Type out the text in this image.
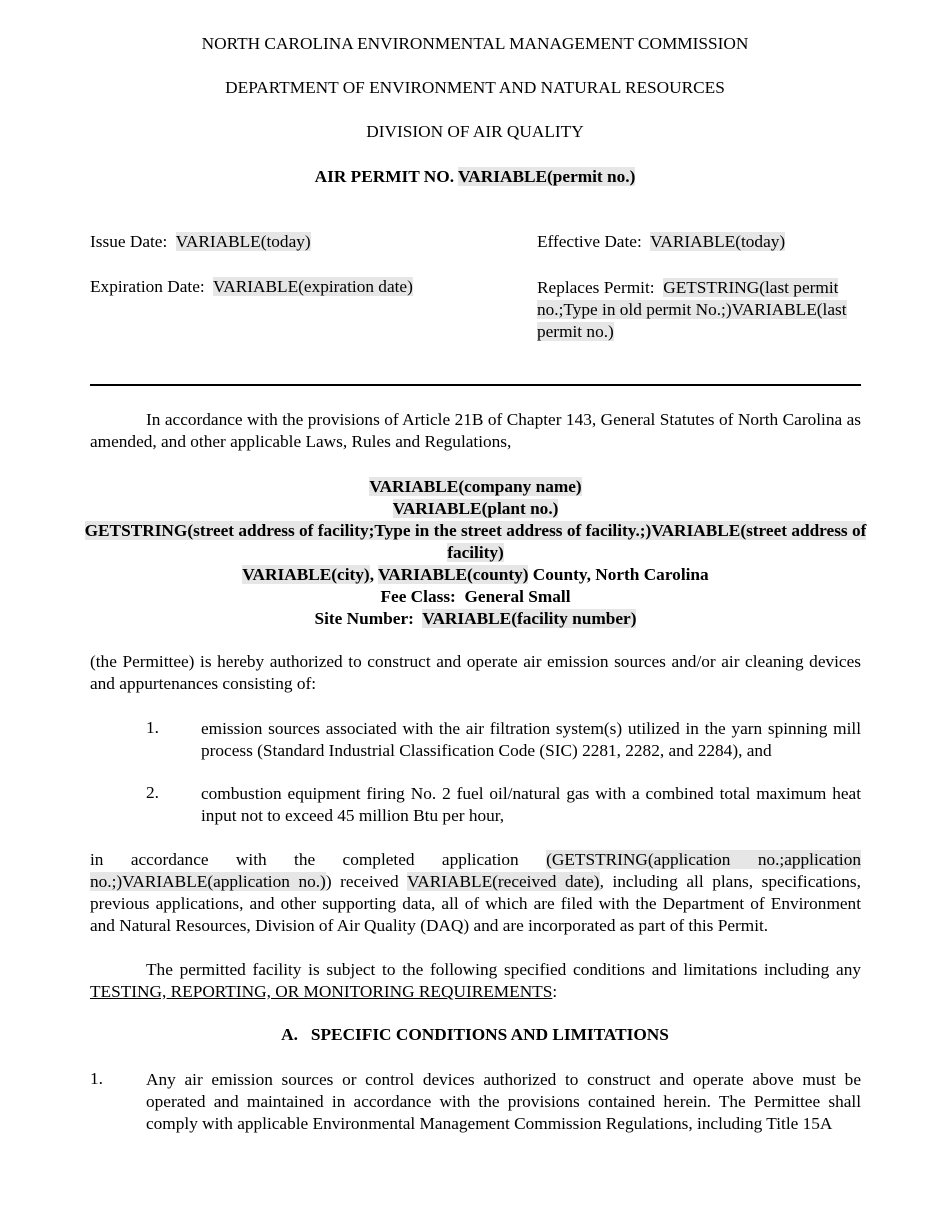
NORTH CAROLINA ENVIRONMENTAL MANAGEMENT COMMISSION
DEPARTMENT OF ENVIRONMENT AND NATURAL RESOURCES
DIVISION OF AIR QUALITY
AIR PERMIT NO. VARIABLE(permit no.)
Issue Date:  VARIABLE(today)	Effective Date:  VARIABLE(today)
Expiration Date:  VARIABLE(expiration date)	Replaces Permit:  GETSTRING(last permit no.;Type in old permit No.;)VARIABLE(last permit no.)
In accordance with the provisions of Article 21B of Chapter 143, General Statutes of North Carolina as amended, and other applicable Laws, Rules and Regulations,
VARIABLE(company name)
VARIABLE(plant no.)
GETSTRING(street address of facility;Type in the street address of facility.;)VARIABLE(street address of facility)
VARIABLE(city), VARIABLE(county) County, North Carolina
Fee Class:  General Small
Site Number:  VARIABLE(facility number)
(the Permittee) is hereby authorized to construct and operate air emission sources and/or air cleaning devices and appurtenances consisting of:
1. emission sources associated with the air filtration system(s) utilized in the yarn spinning mill process (Standard Industrial Classification Code (SIC) 2281, 2282, and 2284), and
2. combustion equipment firing No. 2 fuel oil/natural gas with a combined total maximum heat input not to exceed 45 million Btu per hour,
in accordance with the completed application (GETSTRING(application no.;application no.;)VARIABLE(application no.)) received VARIABLE(received date), including all plans, specifications, previous applications, and other supporting data, all of which are filed with the Department of Environment and Natural Resources, Division of Air Quality (DAQ) and are incorporated as part of this Permit.
The permitted facility is subject to the following specified conditions and limitations including any TESTING, REPORTING, OR MONITORING REQUIREMENTS:
A.   SPECIFIC CONDITIONS AND LIMITATIONS
1. Any air emission sources or control devices authorized to construct and operate above must be operated and maintained in accordance with the provisions contained herein. The Permittee shall comply with applicable Environmental Management Commission Regulations, including Title 15A
